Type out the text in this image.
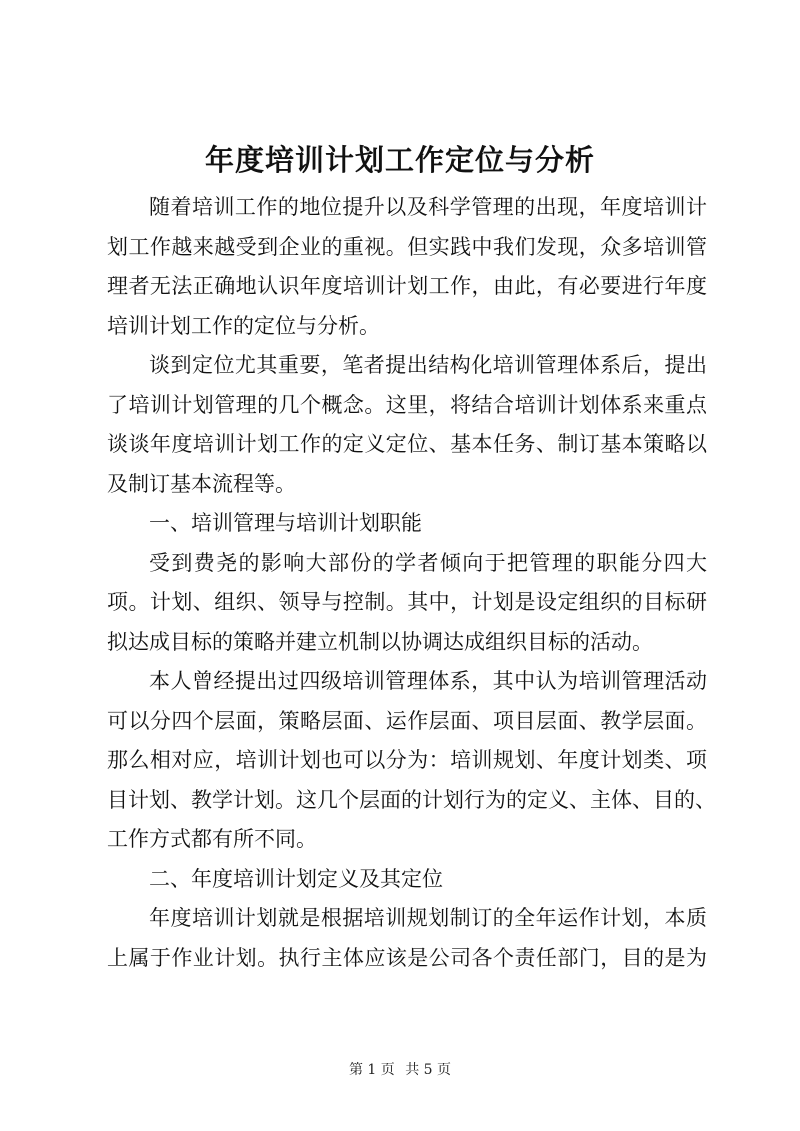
年度培训计划工作定位与分析
随着培训工作的地位提升以及科学管理的出现，年度培训计
划工作越来越受到企业的重视。但实践中我们发现，众多培训管
理者无法正确地认识年度培训计划工作，由此，有必要进行年度
培训计划工作的定位与分析。
谈到定位尤其重要，笔者提出结构化培训管理体系后，提出
了培训计划管理的几个概念。这里，将结合培训计划体系来重点
谈谈年度培训计划工作的定义定位、基本任务、制订基本策略以
及制订基本流程等。
一、培训管理与培训计划职能
受到费尧的影响大部份的学者倾向于把管理的职能分四大
项。计划、组织、领导与控制。其中，计划是设定组织的目标研
拟达成目标的策略并建立机制以协调达成组织目标的活动。
本人曾经提出过四级培训管理体系，其中认为培训管理活动
可以分四个层面，策略层面、运作层面、项目层面、教学层面。
那么相对应，培训计划也可以分为：培训规划、年度计划类、项
目计划、教学计划。这几个层面的计划行为的定义、主体、目的、
工作方式都有所不同。
二、年度培训计划定义及其定位
年度培训计划就是根据培训规划制订的全年运作计划，本质
上属于作业计划。执行主体应该是公司各个责任部门，目的是为
第 1 页 共 5 页
